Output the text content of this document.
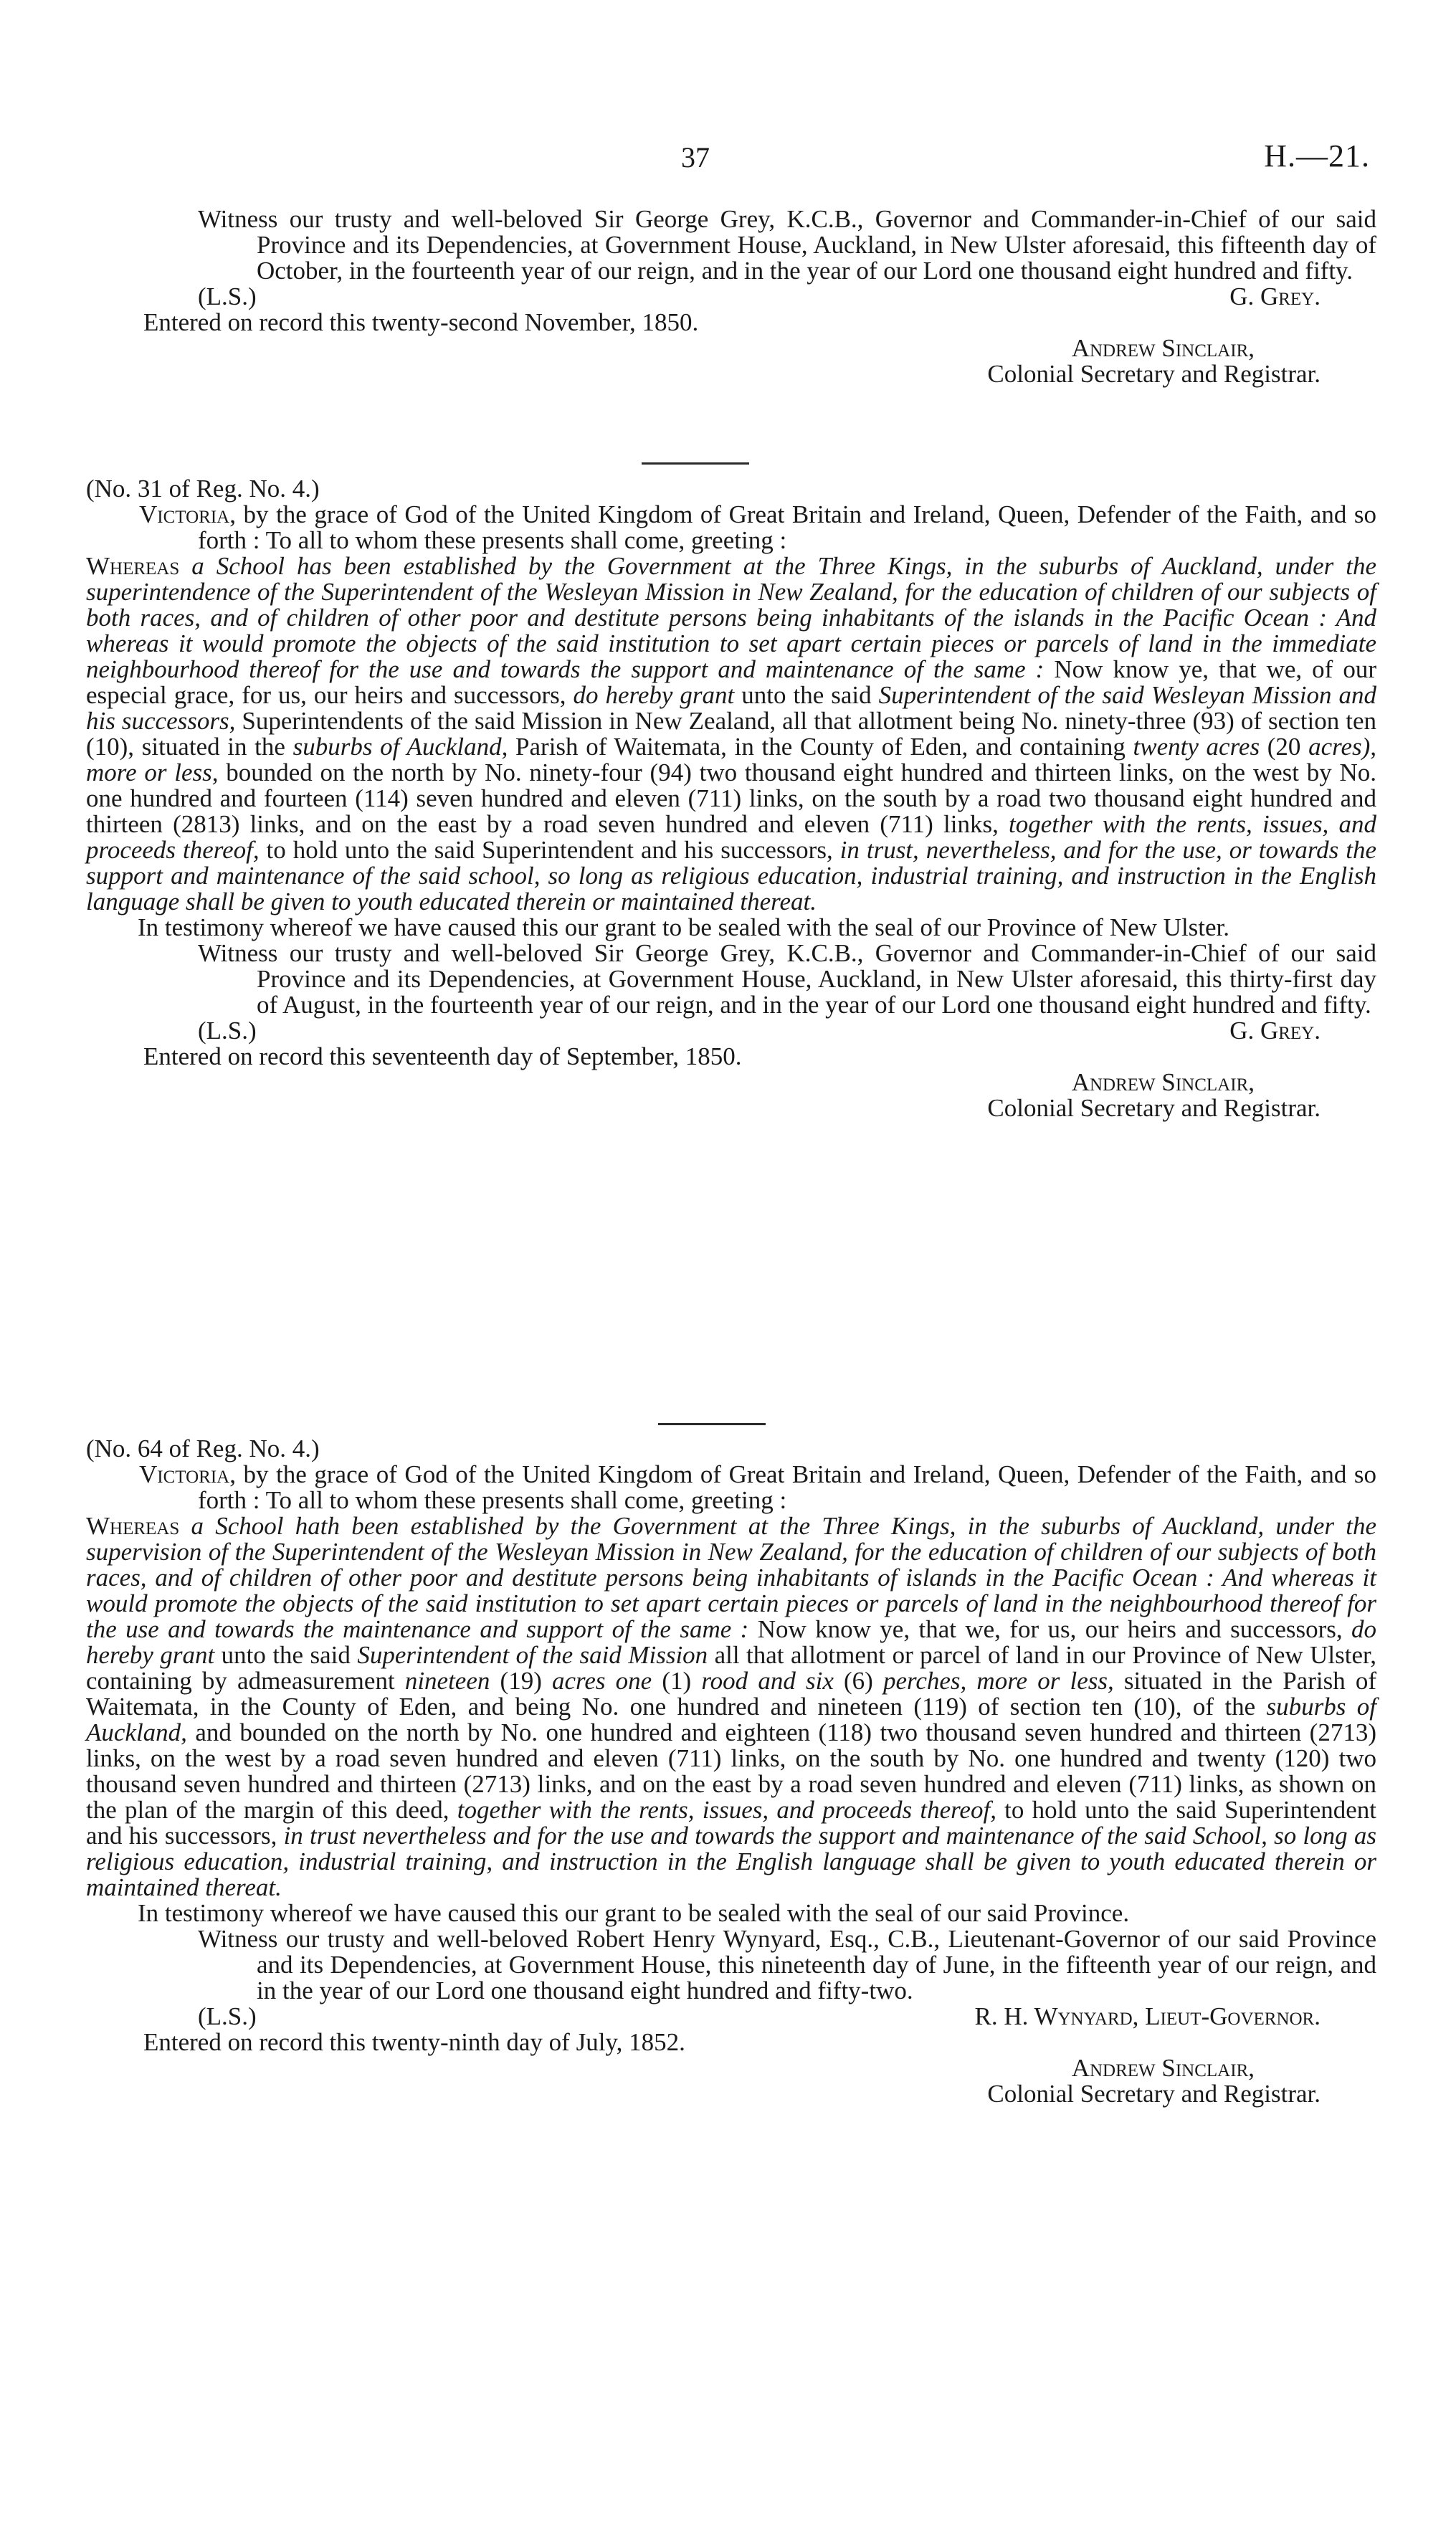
37	H.—21.

Witness our trusty and well-beloved Sir George Grey, K.C.B., Governor and Commander-in-Chief of our said Province and its Dependencies, at Government House, Auckland, in New Ulster aforesaid, this fifteenth day of October, in the fourteenth year of our reign, and in the year of our Lord one thousand eight hundred and fifty.

(L.S.)	G. Grey.

Entered on record this twenty-second November, 1850.

Andrew Sinclair,

Colonial Secretary and Registrar.

(No. 31 of Reg. No. 4.)

Victoria, by the grace of God of the United Kingdom of Great Britain and Ireland, Queen, Defender of the Faith, and so forth : To all to whom these presents shall come, greeting :

Whereas a School has been established by the Government at the Three Kings, in the suburbs of Auckland, under the superintendence of the Superintendent of the Wesleyan Mission in New Zealand, for the education of children of our subjects of both races, and of children of other poor and destitute persons being inhabitants of the islands in the Pacific Ocean : And whereas it would promote the objects of the said institution to set apart certain pieces or parcels of land in the immediate neighbourhood thereof for the use and towards the support and maintenance of the same : Now know ye, that we, of our especial grace, for us, our heirs and successors, do hereby grant unto the said Superintendent of the said Wesleyan Mission and his successors, Superintendents of the said Mission in New Zealand, all that allotment being No. ninety-three (93) of section ten (10), situated in the suburbs of Auckland, Parish of Waitemata, in the County of Eden, and containing twenty acres (20 acres), more or less, bounded on the north by No. ninety-four (94) two thousand eight hundred and thirteen links, on the west by No. one hundred and fourteen (114) seven hundred and eleven (711) links, on the south by a road two thousand eight hundred and thirteen (2813) links, and on the east by a road seven hundred and eleven (711) links, together with the rents, issues, and proceeds thereof, to hold unto the said Superintendent and his successors, in trust, nevertheless, and for the use, or towards the support and maintenance of the said school, so long as religious education, industrial training, and instruction in the English language shall be given to youth educated therein or maintained thereat.

In testimony whereof we have caused this our grant to be sealed with the seal of our Province of New Ulster.

Witness our trusty and well-beloved Sir George Grey, K.C.B., Governor and Commander-in-Chief of our said Province and its Dependencies, at Government House, Auckland, in New Ulster aforesaid, this thirty-first day of August, in the fourteenth year of our reign, and in the year of our Lord one thousand eight hundred and fifty.

(L.S.)	G. Grey.

Entered on record this seventeenth day of September, 1850.

Andrew Sinclair,

Colonial Secretary and Registrar.

(No. 64 of Reg. No. 4.)

Victoria, by the grace of God of the United Kingdom of Great Britain and Ireland, Queen, Defender of the Faith, and so forth : To all to whom these presents shall come, greeting :

Whereas a School hath been established by the Government at the Three Kings, in the suburbs of Auckland, under the supervision of the Superintendent of the Wesleyan Mission in New Zealand, for the education of children of our subjects of both races, and of children of other poor and destitute persons being inhabitants of islands in the Pacific Ocean : And whereas it would promote the objects of the said institution to set apart certain pieces or parcels of land in the neighbourhood thereof for the use and towards the maintenance and support of the same : Now know ye, that we, for us, our heirs and successors, do hereby grant unto the said Superintendent of the said Mission all that allotment or parcel of land in our Province of New Ulster, containing by admeasurement nineteen (19) acres one (1) rood and six (6) perches, more or less, situated in the Parish of Waitemata, in the County of Eden, and being No. one hundred and nineteen (119) of section ten (10), of the suburbs of Auckland, and bounded on the north by No. one hundred and eighteen (118) two thousand seven hundred and thirteen (2713) links, on the west by a road seven hundred and eleven (711) links, on the south by No. one hundred and twenty (120) two thousand seven hundred and thirteen (2713) links, and on the east by a road seven hundred and eleven (711) links, as shown on the plan of the margin of this deed, together with the rents, issues, and proceeds thereof, to hold unto the said Superintendent and his successors, in trust nevertheless and for the use and towards the support and maintenance of the said School, so long as religious education, industrial training, and instruction in the English language shall be given to youth educated therein or maintained thereat.

In testimony whereof we have caused this our grant to be sealed with the seal of our said Province.

Witness our trusty and well-beloved Robert Henry Wynyard, Esq., C.B., Lieutenant-Governor of our said Province and its Dependencies, at Government House, this nineteenth day of June, in the fifteenth year of our reign, and in the year of our Lord one thousand eight hundred and fifty-two.

(L.S.)	R. H. Wynyard, Lieut-Governor.

Entered on record this twenty-ninth day of July, 1852.

Andrew Sinclair,

Colonial Secretary and Registrar.
